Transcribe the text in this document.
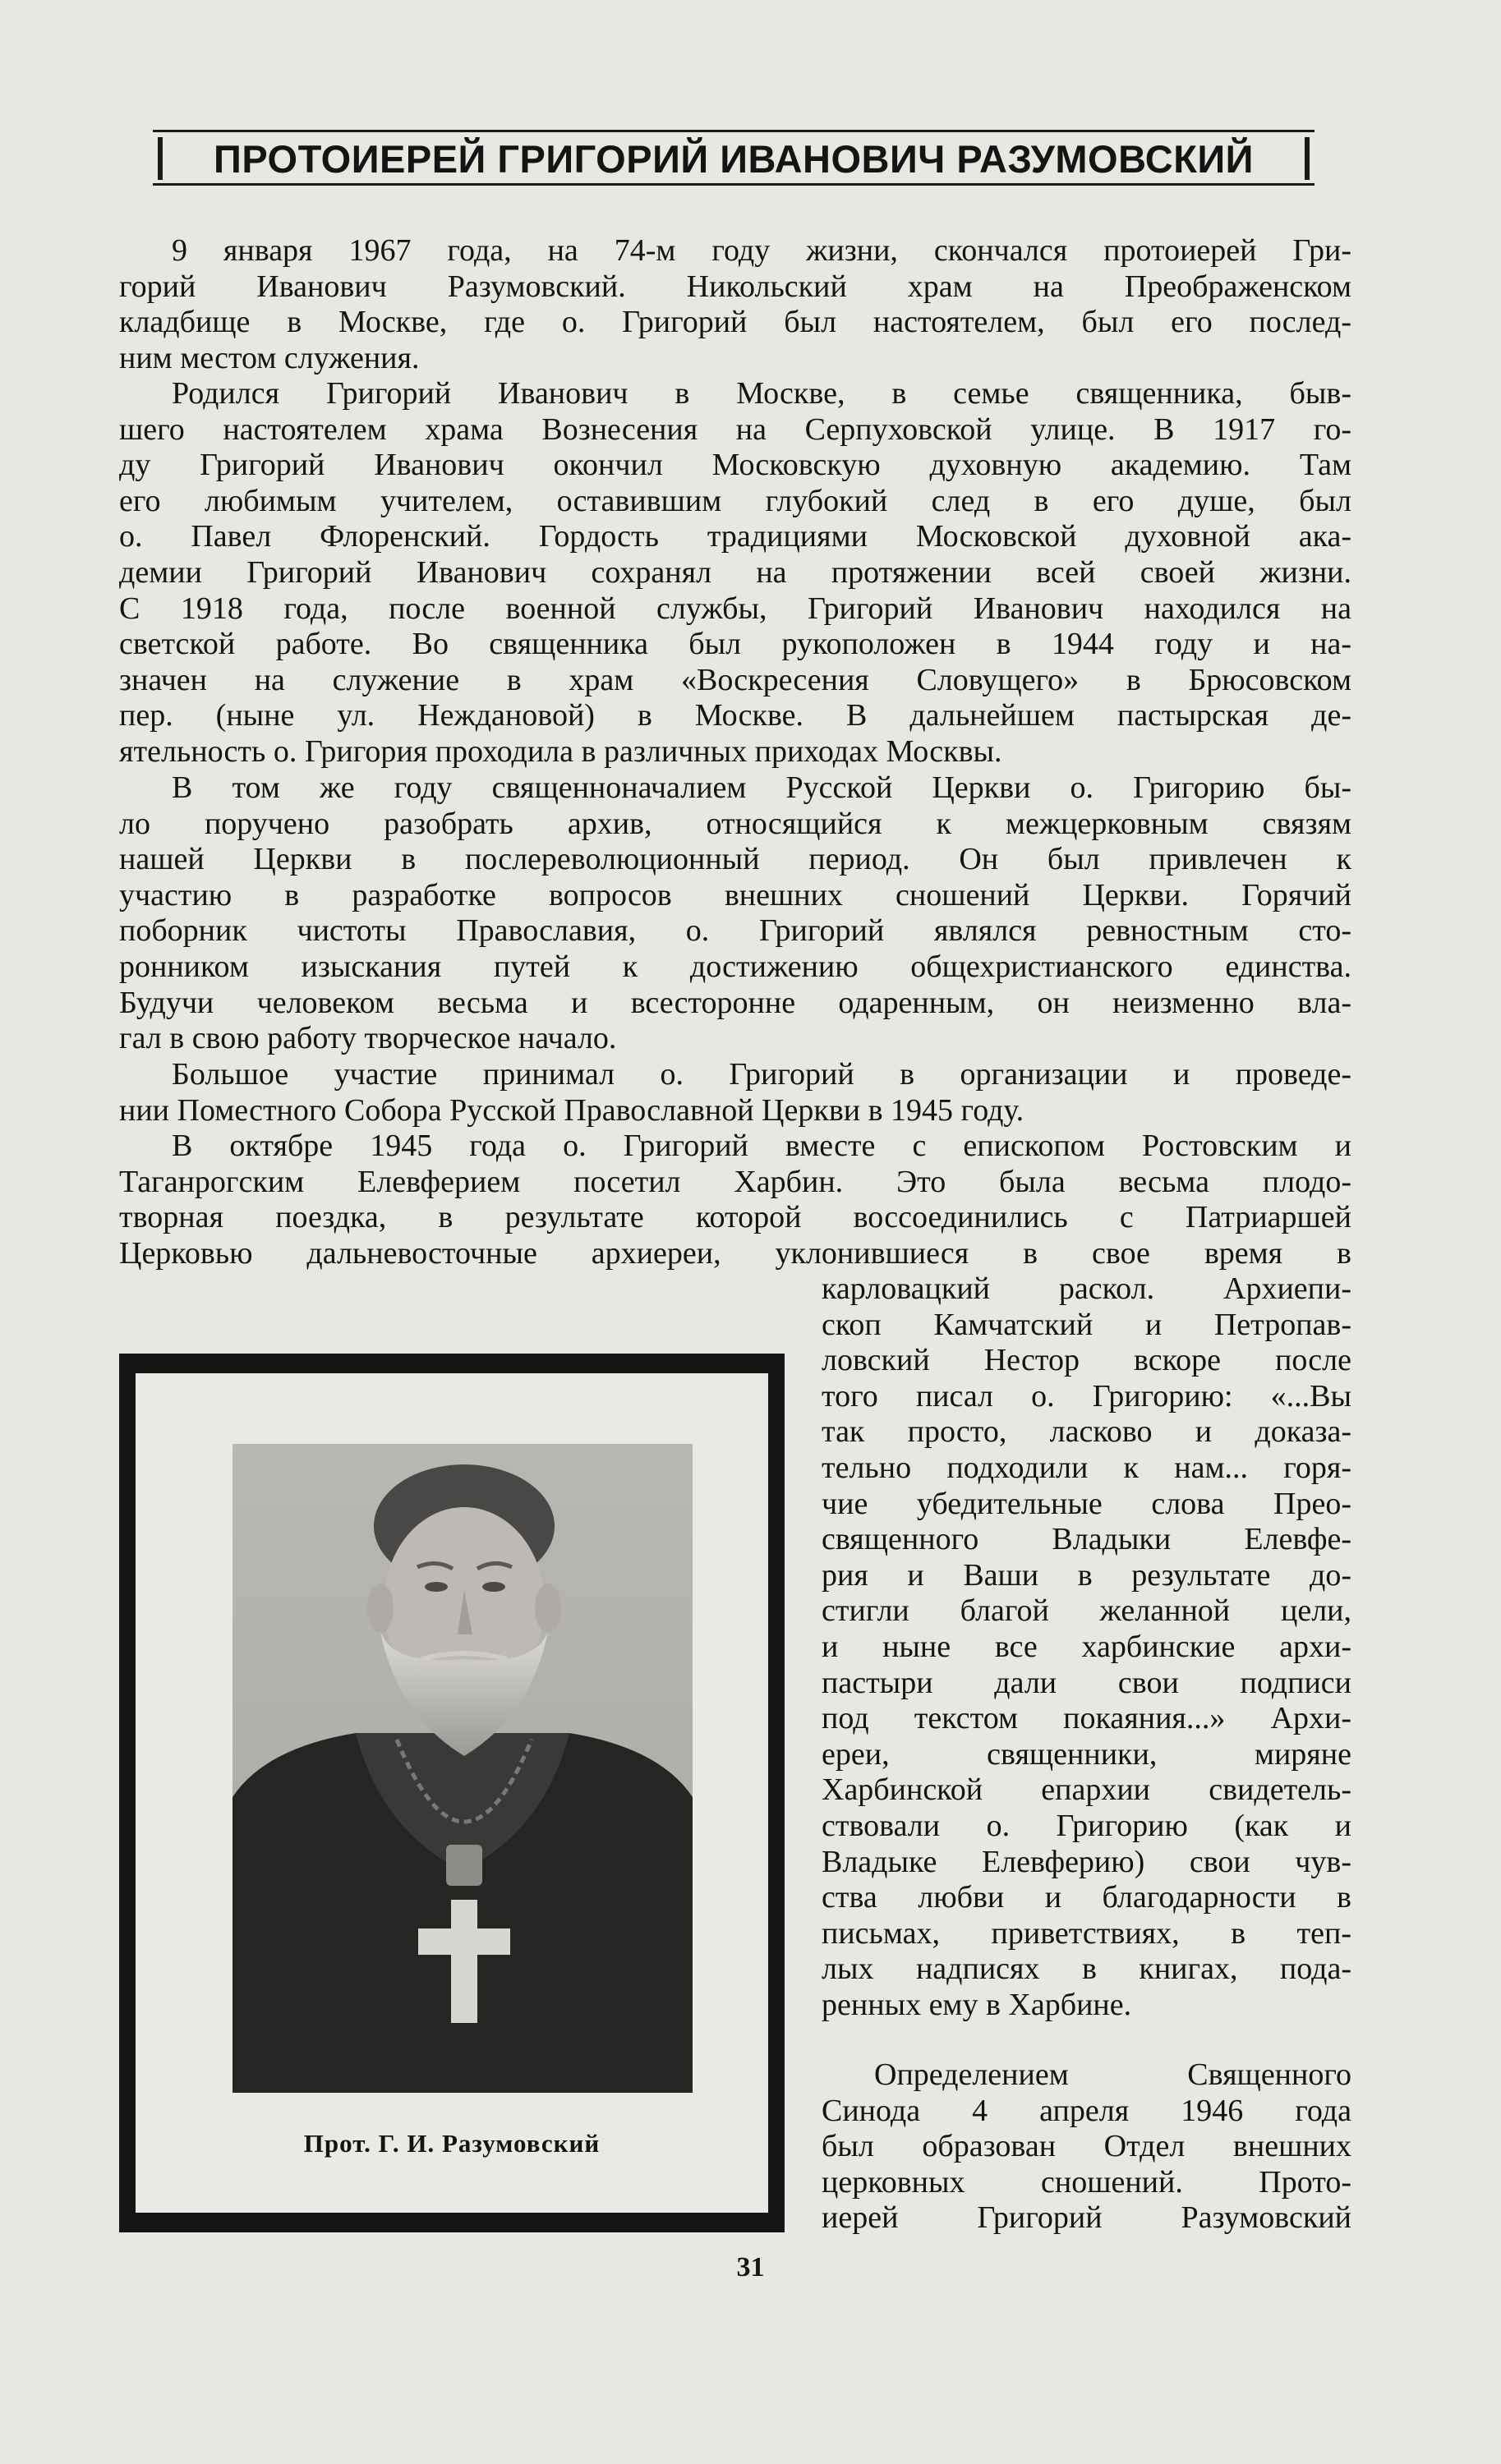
ПРОТОИЕРЕЙ ГРИГОРИЙ ИВАНОВИЧ РАЗУМОВСКИЙ

9 января 1967 года, на 74-м году жизни, скончался протоиерей Гри-
горий Иванович Разумовский. Никольский храм на Преображенском
кладбище в Москве, где о. Григорий был настоятелем, был его послед-

ним местом служения.

Родился Григорий Иванович в Москве, в семье священника, быв-
шего настоятелем храма Вознесения на Серпуховской улице. В 1917 го-
ду Григорий Иванович окончил Московскую духовную академию. Там
его любимым учителем, оставившим глубокий след в его душе, был
о. Павел Флоренский. Гордость традициями Московской духовной ака-
демии Григорий Иванович сохранял на протяжении всей своей жизни.
С 1918 года, после военной службы, Григорий Иванович находился на
светской работе. Во священника был рукоположен в 1944 году и на-
значен на служение в храм «Воскресения Словущего» в Брюсовском
пер. (ныне ул. Неждановой) в Москве. В дальнейшем пастырская де-

ятельность о. Григория проходила в различных приходах Москвы.

В том же году священноначалием Русской Церкви о. Григорию бы-
ло поручено разобрать архив, относящийся к межцерковным связям
нашей Церкви в послереволюционный период. Он был привлечен к
участию в разработке вопросов внешних сношений Церкви. Горячий
поборник чистоты Православия, о. Григорий являлся ревностным сто-
ронником изыскания путей к достижению общехристианского единства.
Будучи человеком весьма и всесторонне одаренным, он неизменно вла-

гал в свою работу творческое начало.

Большое участие принимал о. Григорий в организации и проведе-

нии Поместного Собора Русской Православной Церкви в 1945 году.

В октябре 1945 года о. Григорий вместе с епископом Ростовским и
Таганрогским Елевферием посетил Харбин. Это была весьма плодо-
творная поездка, в результате которой воссоединились с Патриаршей
Церковью дальневосточные архиереи, уклонившиеся в свое время в

карловацкий раскол. Архиепи-
скоп Камчатский и Петропав-
ловский Нестор вскоре после
того писал о. Григорию: «...Вы
так просто, ласково и доказа-
тельно подходили к нам... горя-
чие убедительные слова Прео-
священного Владыки Елевфе-
рия и Ваши в результате до-
стигли благой желанной цели,
и ныне все харбинские архи-
пастыри дали свои подписи
под текстом покаяния...» Архи-
ереи, священники, миряне
Харбинской епархии свидетель-
ствовали о. Григорию (как и
Владыке Елевферию) свои чув-
ства любви и благодарности в
письмах, приветствиях, в теп-
лых надписях в книгах, пода-

ренных ему в Харбине.

Определением Священного
Синода 4 апреля 1946 года
был образован Отдел внешних
церковных сношений. Прото-
иерей Григорий Разумовский

Прот. Г. И. Разумовский
31
